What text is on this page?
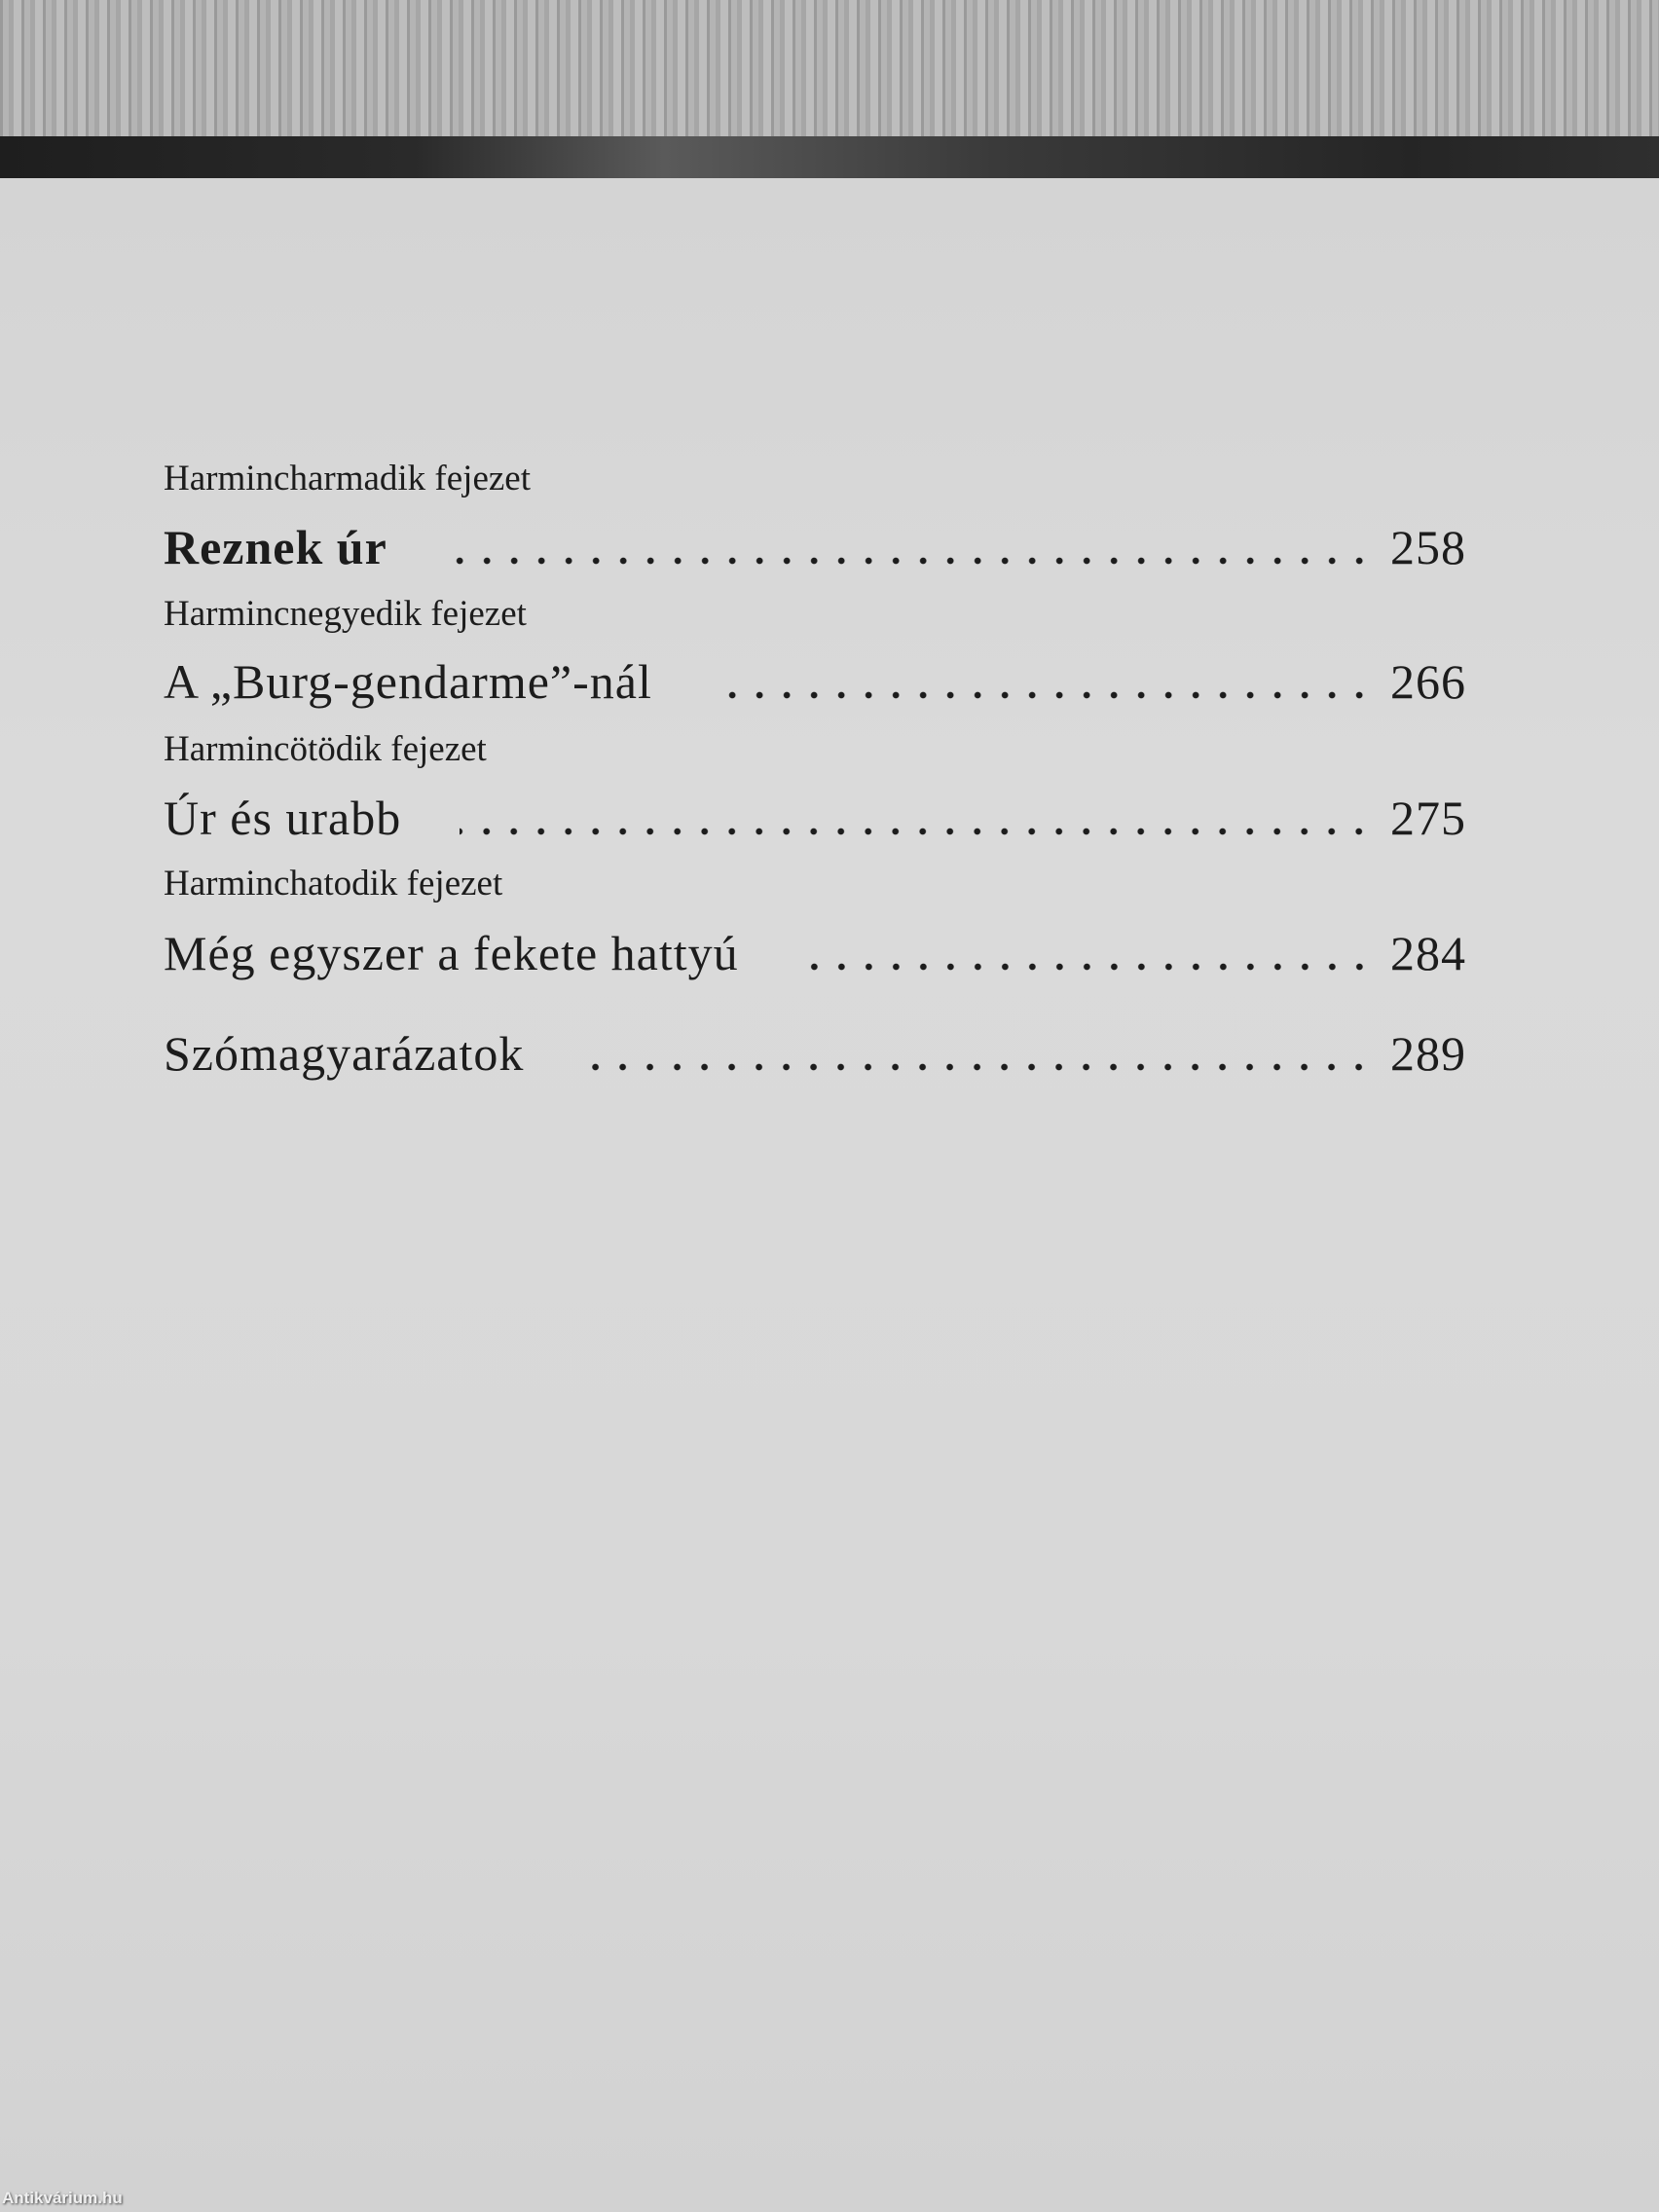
Harmincharmadik fejezet
Reznek úr	258
Harmincnegyedik fejezet
A „Burg-gendarme”-nál	266
Harmincötödik fejezet
Úr és urabb	275
Harminchatodik fejezet
Még egyszer a fekete hattyú	284
Szómagyarázatok	289
Antikvárium.hu
